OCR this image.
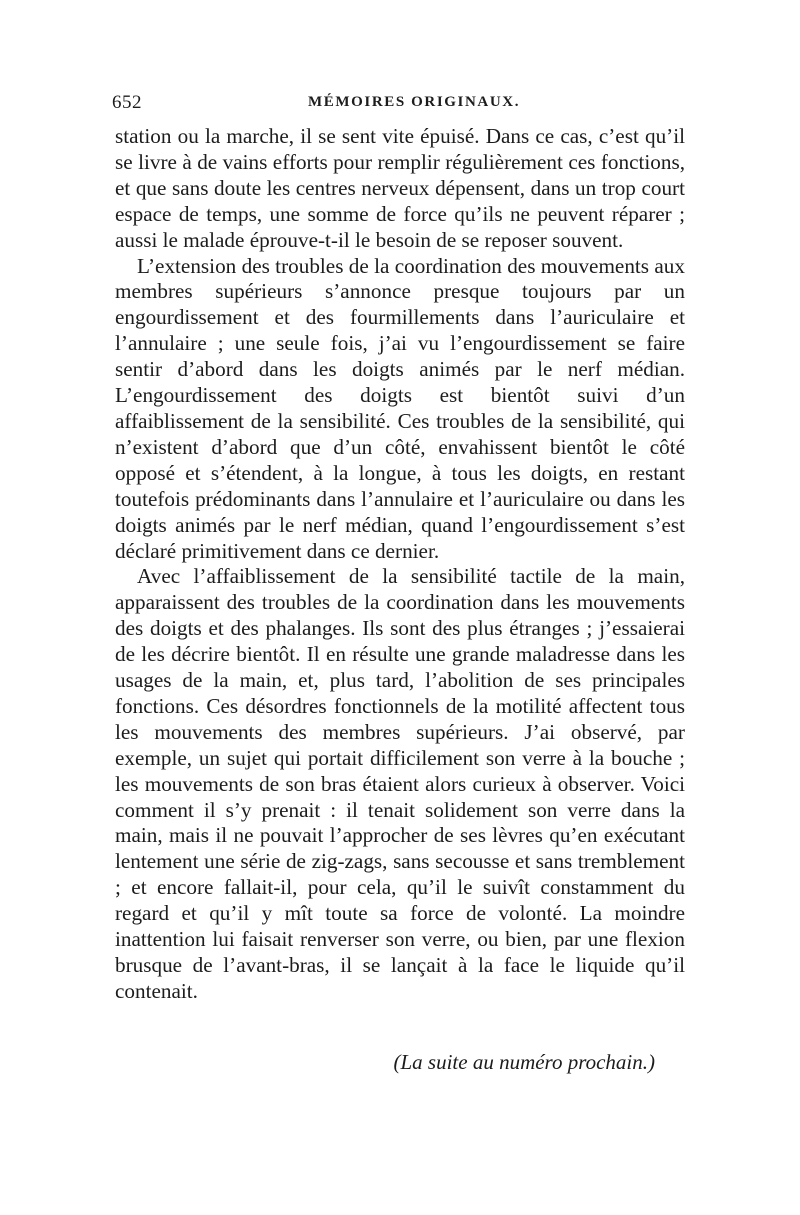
652	MÉMOIRES ORIGINAUX.

station ou la marche, il se sent vite épuisé. Dans ce cas, c’est qu’il se livre à de vains efforts pour remplir régulièrement ces fonctions, et que sans doute les centres nerveux dépensent, dans un trop court espace de temps, une somme de force qu’ils ne peuvent réparer ; aussi le malade éprouve-t-il le besoin de se reposer souvent.

L’extension des troubles de la coordination des mouvements aux membres supérieurs s’annonce presque toujours par un engourdissement et des fourmillements dans l’auriculaire et l’annulaire ; une seule fois, j’ai vu l’engourdissement se faire sentir d’abord dans les doigts animés par le nerf médian. L’engourdissement des doigts est bientôt suivi d’un affaiblissement de la sensibilité. Ces troubles de la sensibilité, qui n’existent d’abord que d’un côté, envahissent bientôt le côté opposé et s’étendent, à la longue, à tous les doigts, en restant toutefois prédominants dans l’annulaire et l’auriculaire ou dans les doigts animés par le nerf médian, quand l’engourdissement s’est déclaré primitivement dans ce dernier.

Avec l’affaiblissement de la sensibilité tactile de la main, apparaissent des troubles de la coordination dans les mouvements des doigts et des phalanges. Ils sont des plus étranges ; j’essaierai de les décrire bientôt. Il en résulte une grande maladresse dans les usages de la main, et, plus tard, l’abolition de ses principales fonctions. Ces désordres fonctionnels de la motilité affectent tous les mouvements des membres supérieurs. J’ai observé, par exemple, un sujet qui portait difficilement son verre à la bouche ; les mouvements de son bras étaient alors curieux à observer. Voici comment il s’y prenait : il tenait solidement son verre dans la main, mais il ne pouvait l’approcher de ses lèvres qu’en exécutant lentement une série de zig-zags, sans secousse et sans tremblement ; et encore fallait-il, pour cela, qu’il le suivît constamment du regard et qu’il y mît toute sa force de volonté. La moindre inattention lui faisait renverser son verre, ou bien, par une flexion brusque de l’avant-bras, il se lançait à la face le liquide qu’il contenait.

(La suite au numéro prochain.)
